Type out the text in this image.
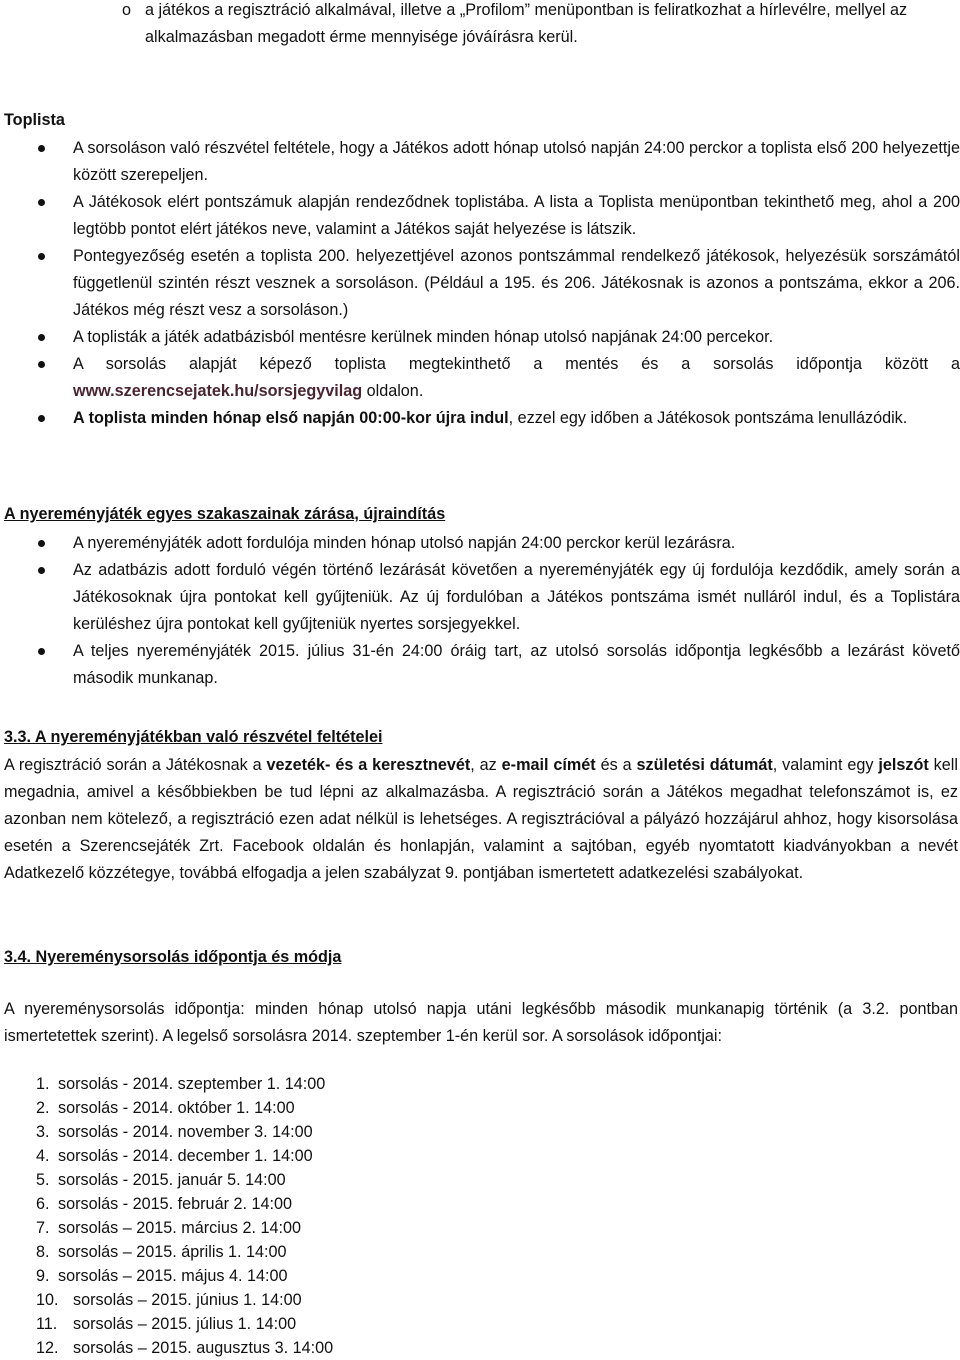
o a játékos a regisztráció alkalmával, illetve a „Profilom” menüpontban is feliratkozhat a hírlevélre, mellyel az alkalmazásban megadott érme mennyisége jóváírásra kerül.
Toplista
A sorsoláson való részvétel feltétele, hogy a Játékos adott hónap utolsó napján 24:00 perckor a toplista első 200 helyezettje között szerepeljen.
A Játékosok elért pontszámuk alapján rendeződnek toplistába. A lista a Toplista menüpontban tekinthető meg, ahol a 200 legtöbb pontot elért játékos neve, valamint a Játékos saját helyezése is látszik.
Pontegyezőség esetén a toplista 200. helyezettjével azonos pontszámmal rendelkező játékosok, helyezésük sorszámától függetlenül szintén részt vesznek a sorsoláson. (Például a 195. és 206. Játékosnak is azonos a pontszáma, ekkor a 206. Játékos még részt vesz a sorsoláson.)
A toplisták a játék adatbázisból mentésre kerülnek minden hónap utolsó napjának 24:00 percekor.
A sorsolás alapját képező toplista megtekinthető a mentés és a sorsolás időpontja között a www.szerencsejatek.hu/sorsjegyvilag oldalon.
A toplista minden hónap első napján 00:00-kor újra indul, ezzel egy időben a Játékosok pontszáma lenullázódik.
A nyereményjáték egyes szakaszainak zárása, újraindítás
A nyereményjáték adott fordulója minden hónap utolsó napján 24:00 perckor kerül lezárásra.
Az adatbázis adott forduló végén történő lezárását követően a nyereményjáték egy új fordulója kezdődik, amely során a Játékosoknak újra pontokat kell gyűjteniük. Az új fordulóban a Játékos pontszáma ismét nulláról indul, és a Toplistára kerüléshez újra pontokat kell gyűjteniük nyertes sorsjegyekkel.
A teljes nyereményjáték 2015. július 31-én 24:00 óráig tart, az utolsó sorsolás időpontja legkésőbb a lezárást követő második munkanap.
3.3. A nyereményjátékban való részvétel feltételei
A regisztráció során a Játékosnak a vezeték- és a keresztnevét, az e-mail címét és a születési dátumát, valamint egy jelszót kell megadnia, amivel a későbbiekben be tud lépni az alkalmazásba. A regisztráció során a Játékos megadhat telefonszámot is, ez azonban nem kötelező, a regisztráció ezen adat nélkül is lehetséges. A regisztrációval a pályázó hozzájárul ahhoz, hogy kisorsolása esetén a Szerencsejáték Zrt. Facebook oldalán és honlapján, valamint a sajtóban, egyéb nyomtatott kiadványokban a nevét Adatkezelő közzétegye, továbbá elfogadja a jelen szabályzat 9. pontjában ismertetett adatkezelési szabályokat.
3.4. Nyereménysorsolás időpontja és módja
A nyereménysorsolás időpontja: minden hónap utolsó napja utáni legkésőbb második munkanapig történik (a 3.2. pontban ismertetettek szerint). A legelső sorsolásra 2014. szeptember 1-én kerül sor. A sorsolások időpontjai:
1. sorsolás - 2014. szeptember 1. 14:00
2. sorsolás - 2014. október 1. 14:00
3. sorsolás - 2014. november 3. 14:00
4. sorsolás - 2014. december 1. 14:00
5. sorsolás - 2015. január 5. 14:00
6. sorsolás - 2015. február 2. 14:00
7. sorsolás – 2015. március 2. 14:00
8. sorsolás – 2015. április 1. 14:00
9. sorsolás – 2015. május 4. 14:00
10. sorsolás – 2015. június 1. 14:00
11. sorsolás – 2015. július 1. 14:00
12. sorsolás – 2015. augusztus 3. 14:00
